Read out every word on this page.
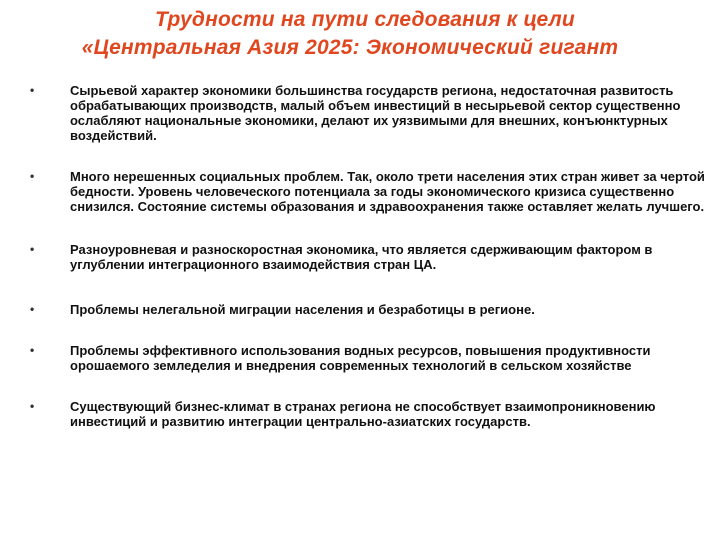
Трудности на пути следования к цели
«Центральная Азия 2025: Экономический гигант
•	Сырьевой характер экономики большинства государств региона, недостаточная развитость обрабатывающих производств, малый объем инвестиций в несырьевой сектор существенно ослабляют национальные экономики, делают их уязвимыми для внешних, конъюнктурных воздействий.
•	Много нерешенных социальных проблем. Так, около трети населения этих стран живет за чертой бедности. Уровень человеческого потенциала за годы экономического кризиса существенно снизился. Состояние системы образования и здравоохранения также оставляет желать лучшего.
•	Разноуровневая и разноскоростная экономика, что является сдерживающим фактором в углублении интеграционного взаимодействия стран ЦА.
•	Проблемы нелегальной миграции населения и безработицы в регионе.
•	Проблемы эффективного использования водных ресурсов, повышения продуктивности орошаемого земледелия и внедрения современных технологий в сельском хозяйстве
•	Существующий бизнес-климат в странах региона не способствует взаимопроникновению инвестиций и развитию интеграции центрально-азиатских государств.
